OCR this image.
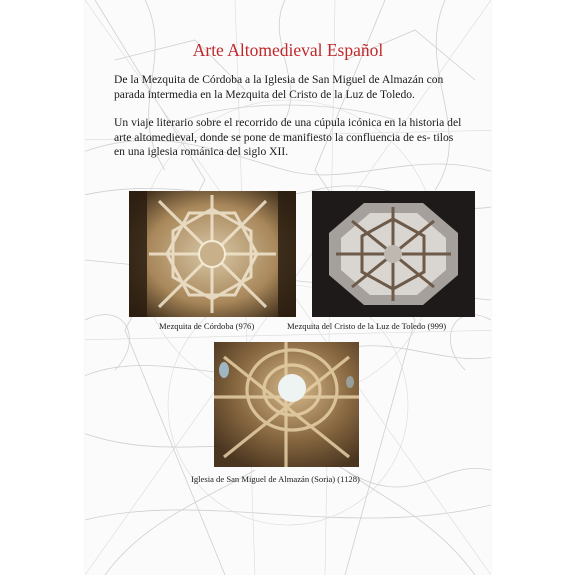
Arte Altomedieval Español

De la Mezquita de Córdoba a la Iglesia de San Miguel de Almazán con parada intermedia en la Mezquita del Cristo de la Luz de Toledo.

Un viaje literario sobre el recorrido de una cúpula icónica en la historia del arte altomedieval, donde se pone de manifiesto la confluencia de es- tilos en una iglesia románica del siglo XII.

Mezquita de Córdoba (976)	Mezquita del Cristo de la Luz de Toledo (999)

Iglesia de San Miguel de Almazán (Soria) (1128)
